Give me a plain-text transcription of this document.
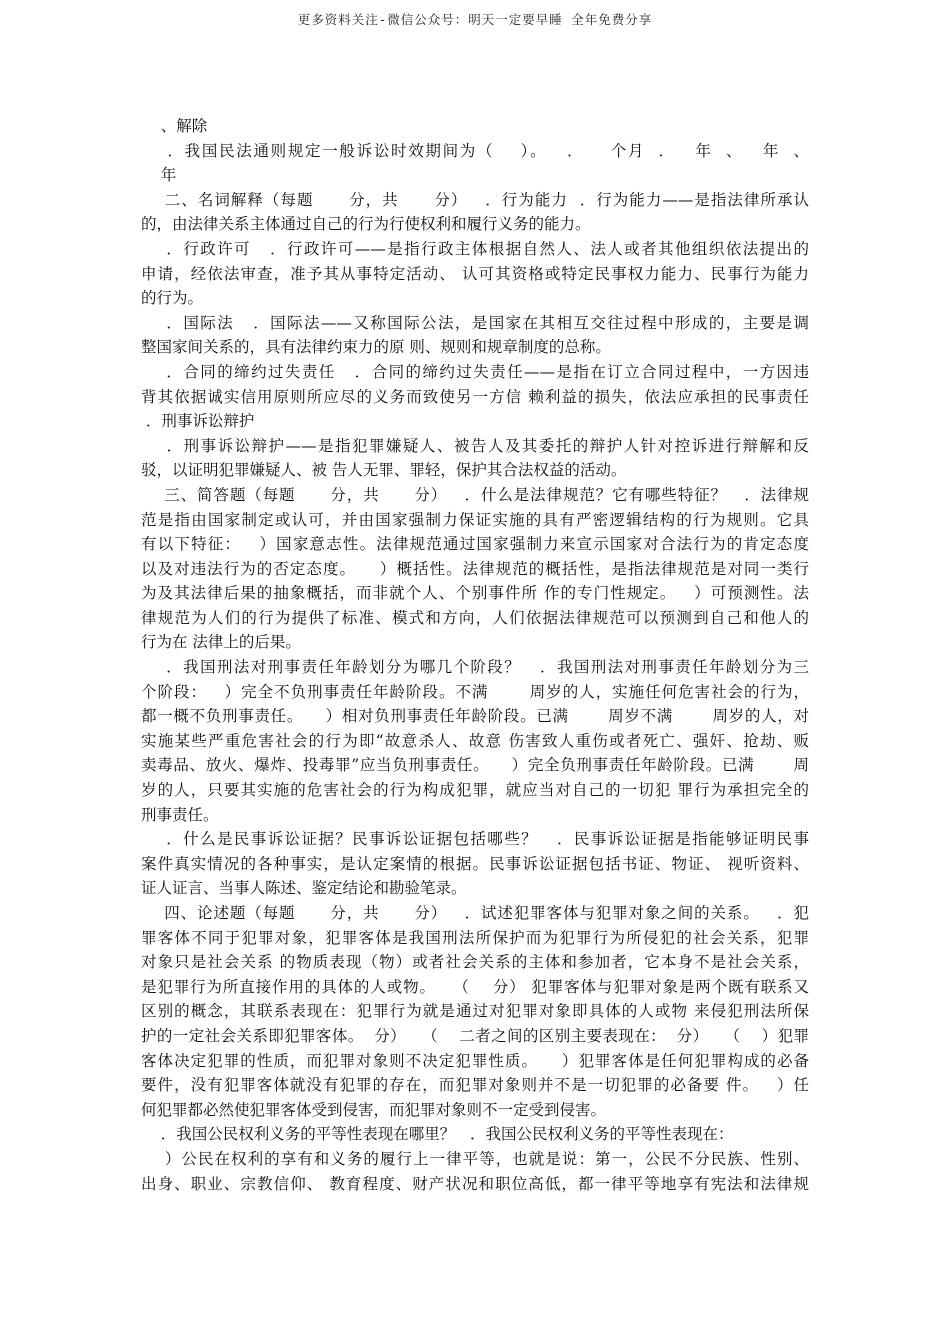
更多资料关注-微信公众号：明天一定要早睡 全年免费分享
、解除
．我国民法通则规定一般诉讼时效期间为（    ）。   ．    个月  ．   年  、   年  、
年
二、名词解释（每题      分，共      分）   ．行为能力  ．行为能力——是指法律所承认
的，由法律关系主体通过自己的行为行使权利和履行义务的能力。
．行政许可   ．行政许可——是指行政主体根据自然人、法人或者其他组织依法提出的
申请，经依法审查，准予其从事特定活动、 认可其资格或特定民事权力能力、民事行为能力
的行为。
．国际法   ．国际法——又称国际公法，是国家在其相互交往过程中形成的，主要是调
整国家间关系的，具有法律约束力的原 则、规则和规章制度的总称。
．合同的缔约过失责任   ．合同的缔约过失责任——是指在订立合同过程中，一方因违
背其依据诚实信用原则所应尽的义务而致使另一方信 赖利益的损失，依法应承担的民事责任
．刑事诉讼辩护
．刑事诉讼辩护——是指犯罪嫌疑人、被告人及其委托的辩护人针对控诉进行辩解和反
驳，以证明犯罪嫌疑人、被 告人无罪、罪轻，保护其合法权益的活动。
三、简答题（每题      分，共      分）   ．什么是法律规范？它有哪些特征？   ．法律规
范是指由国家制定或认可，并由国家强制力保证实施的具有严密逻辑结构的行为规则。它具
有以下特征：   ）国家意志性。法律规范通过国家强制力来宣示国家对合法行为的肯定态度
以及对违法行为的否定态度。    ）概括性。法律规范的概括性，是指法律规范是对同一类行
为及其法律后果的抽象概括，而非就个人、个别事件所 作的专门性规定。   ）可预测性。法
律规范为人们的行为提供了标准、模式和方向，人们依据法律规范可以预测到自己和他人的
行为在 法律上的后果。
．我国刑法对刑事责任年龄划分为哪几个阶段？   ．我国刑法对刑事责任年龄划分为三
个阶段：   ）完全不负刑事责任年龄阶段。不满       周岁的人，实施任何危害社会的行为，
都一概不负刑事责任。    ）相对负刑事责任年龄阶段。已满       周岁不满       周岁的人，对
实施某些严重危害社会的行为即“故意杀人、故意 伤害致人重伤或者死亡、强奸、抢劫、贩
卖毒品、放火、爆炸、投毒罪”应当负刑事责任。    ）完全负刑事责任年龄阶段。已满       周
岁的人，只要其实施的危害社会的行为构成犯罪，就应当对自己的一切犯 罪行为承担完全的
刑事责任。
．什么是民事诉讼证据？民事诉讼证据包括哪些？   ．民事诉讼证据是指能够证明民事
案件真实情况的各种事实，是认定案情的根据。民事诉讼证据包括书证、物证、 视听资料、
证人证言、当事人陈述、鉴定结论和勘验笔录。
四、论述题（每题      分，共      分）   ．试述犯罪客体与犯罪对象之间的关系。   ．犯
罪客体不同于犯罪对象，犯罪客体是我国刑法所保护而为犯罪行为所侵犯的社会关系，犯罪
对象只是社会关系 的物质表现（物）或者社会关系的主体和参加者，它本身不是社会关系，
是犯罪行为所直接作用的具体的人或物。   （    分） 犯罪客体与犯罪对象是两个既有联系又
区别的概念，其联系表现在：犯罪行为就是通过对犯罪对象即具体的人或物 来侵犯刑法所保
护的一定社会关系即犯罪客体。  分）   （    二者之间的区别主要表现在：  分）   （    ）犯罪
客体决定犯罪的性质，而犯罪对象则不决定犯罪性质。    ）犯罪客体是任何犯罪构成的必备
要件，没有犯罪客体就没有犯罪的存在，而犯罪对象则并不是一切犯罪的必备要 件。   ）任
何犯罪都必然使犯罪客体受到侵害，而犯罪对象则不一定受到侵害。
．我国公民权利义务的平等性表现在哪里？   ．我国公民权利义务的平等性表现在：
）公民在权利的享有和义务的履行上一律平等，也就是说：第一，公民不分民族、性别、
出身、职业、宗教信仰、 教育程度、财产状况和职位高低，都一律平等地享有宪法和法律规
